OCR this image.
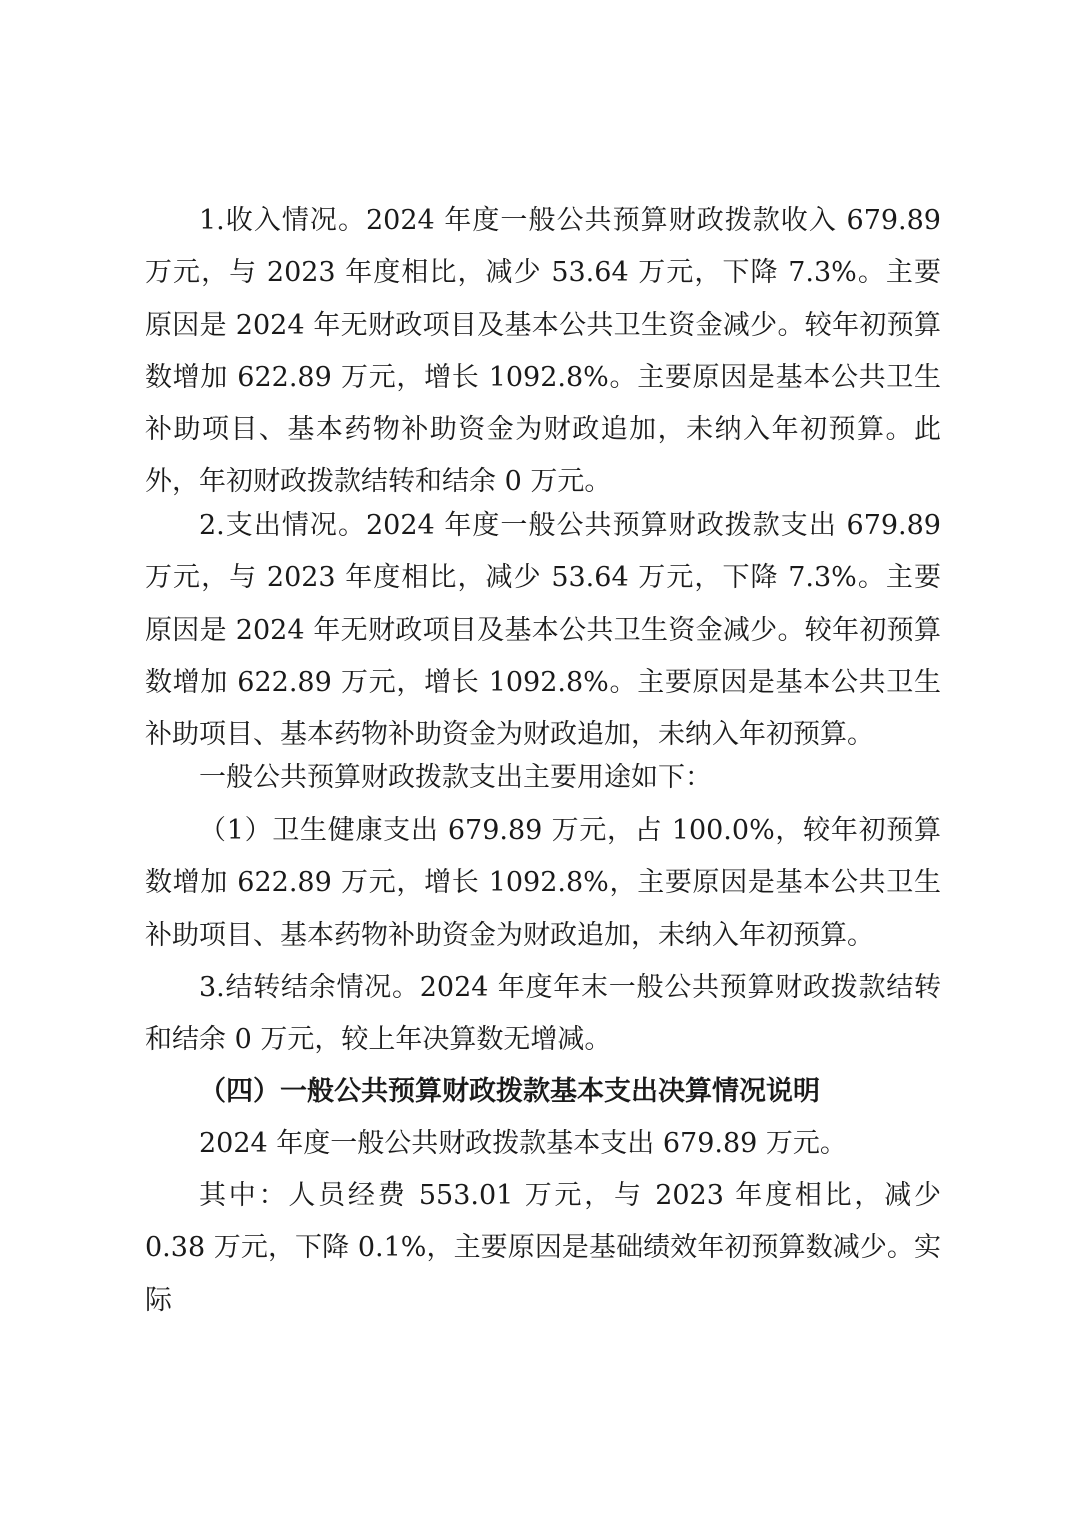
1.收入情况。2024 年度一般公共预算财政拨款收入 679.89 万元，与 2023 年度相比，减少 53.64 万元，下降 7.3%。主要原因是 2024 年无财政项目及基本公共卫生资金减少。较年初预算数增加 622.89 万元，增长 1092.8%。主要原因是基本公共卫生补助项目、基本药物补助资金为财政追加，未纳入年初预算。此外，年初财政拨款结转和结余 0 万元。

2.支出情况。2024 年度一般公共预算财政拨款支出 679.89 万元，与 2023 年度相比，减少 53.64 万元，下降 7.3%。主要原因是 2024 年无财政项目及基本公共卫生资金减少。较年初预算数增加 622.89 万元，增长 1092.8%。主要原因是基本公共卫生补助项目、基本药物补助资金为财政追加，未纳入年初预算。

一般公共预算财政拨款支出主要用途如下：

（1）卫生健康支出 679.89 万元，占 100.0%，较年初预算数增加 622.89 万元，增长 1092.8%，主要原因是基本公共卫生补助项目、基本药物补助资金为财政追加，未纳入年初预算。

3.结转结余情况。2024 年度年末一般公共预算财政拨款结转和结余 0 万元，较上年决算数无增减。

（四）一般公共预算财政拨款基本支出决算情况说明

2024 年度一般公共财政拨款基本支出 679.89 万元。

其中：人员经费 553.01 万元，与 2023 年度相比，减少 0.38 万元，下降 0.1%，主要原因是基础绩效年初预算数减少。实际
